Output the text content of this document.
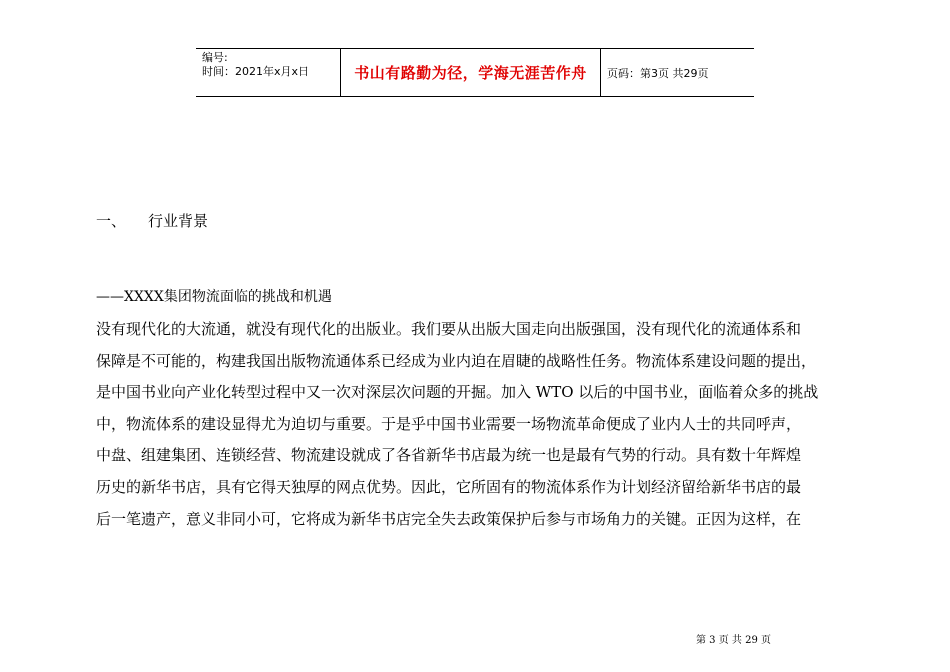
编号:
时间：2021年x月x日	书山有路勤为径，学海无涯苦作舟	页码：第3页 共29页
一、 行业背景
——XXXX集团物流面临的挑战和机遇

没有现代化的大流通，就没有现代化的出版业。我们要从出版大国走向出版强国，没有现代化的流通体系和

保障是不可能的，构建我国出版物流通体系已经成为业内迫在眉睫的战略性任务。物流体系建设问题的提出，

是中国书业向产业化转型过程中又一次对深层次问题的开掘。加入 WTO 以后的中国书业，面临着众多的挑战

中，物流体系的建设显得尤为迫切与重要。于是乎中国书业需要一场物流革命便成了业内人士的共同呼声，

中盘、组建集团、连锁经营、物流建设就成了各省新华书店最为统一也是最有气势的行动。具有数十年辉煌

历史的新华书店，具有它得天独厚的网点优势。因此，它所固有的物流体系作为计划经济留给新华书店的最

后一笔遗产，意义非同小可，它将成为新华书店完全失去政策保护后参与市场角力的关键。正因为这样，在

第 3 页 共 29 页
